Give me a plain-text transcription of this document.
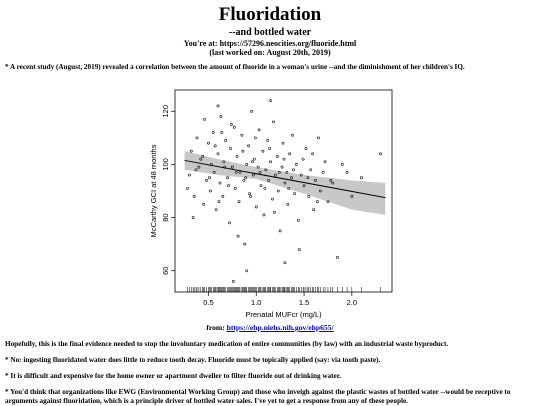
Fluoridation
--and bottled water
You're at: https://57296.neocities.org/fluoride.html
(last worked on: August 20th, 2019)
* A recent study (August, 2019) revealed a correlation between the amount of fluoride in a woman's urine --and the diminishment of her children's IQ.
0.5	1.0	1.5	2.0
60
80
100
120
Prenatal MUFcr (mg/L)
McCarthy GCI at 48 months
from: https://ehp.niehs.nih.gov/ehp655/
Hopefully, this is the final evidence needed to stop the involuntary medication of entire communities (by law) with an industrial waste byproduct.
* No: ingesting fluoridated water does little to reduce tooth decay. Fluoride must be topically applied (say: via tooth paste).
* It is difficult and expensive for the home owner or apartment dweller to filter fluoride out of drinking water.
* You'd think that organizations like EWG (Environmental Working Group) and those who inveigh against the plastic wastes of bottled water --would be receptive to arguments against fluoridation, which is a principle driver of bottled water sales. I've yet to get a response from any of these people.
